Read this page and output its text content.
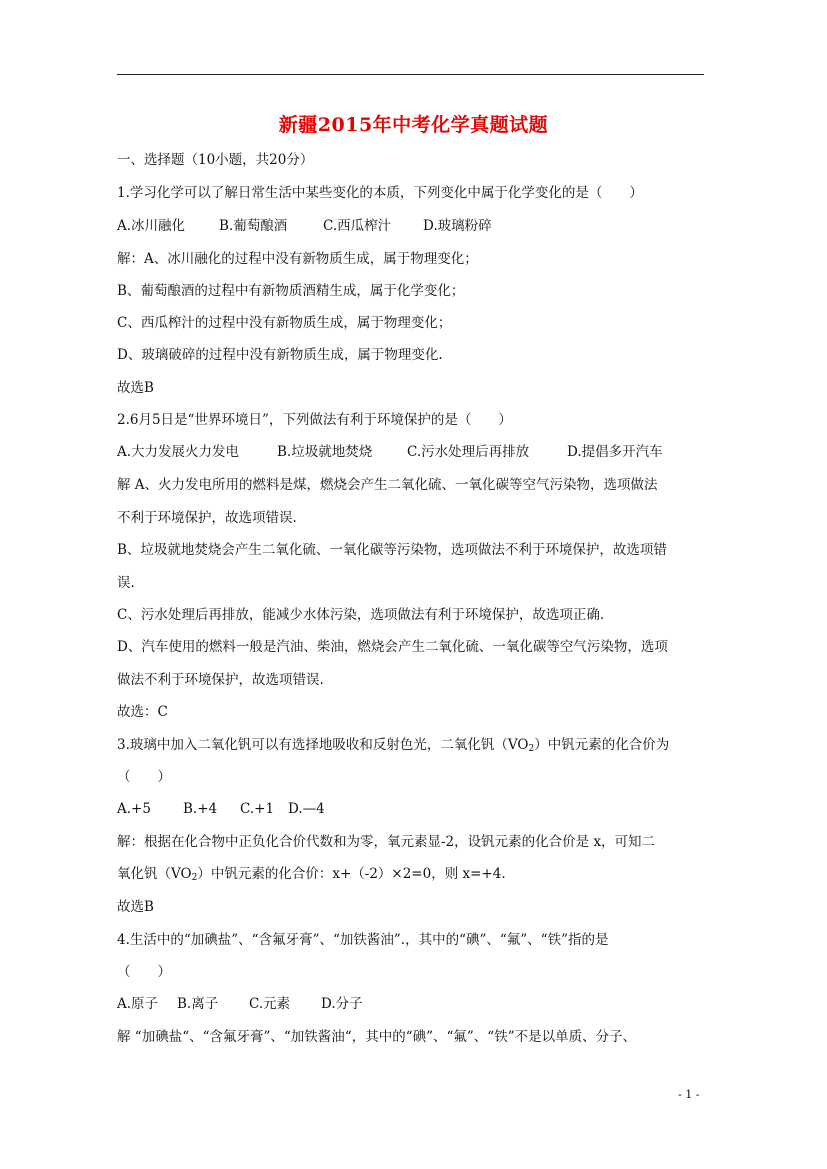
新疆2015年中考化学真题试题
一、选择题（10小题，共20分）
1.学习化学可以了解日常生活中某些变化的本质，下列变化中属于化学变化的是（　　）
A.冰川融化	B.葡萄酿酒	C.西瓜榨汁 D.玻璃粉碎
解：A、冰川融化的过程中没有新物质生成，属于物理变化；
B、葡萄酿酒的过程中有新物质酒精生成，属于化学变化；
C、西瓜榨汁的过程中没有新物质生成，属于物理变化；
D、玻璃破碎的过程中没有新物质生成，属于物理变化.
故选B
2.6月5日是“世界环境日”，下列做法有利于环境保护的是（　　）
A.大力发展火力发电	B.垃圾就地焚烧	C.污水处理后再排放	D.提倡多开汽车
解 A、火力发电所用的燃料是煤，燃烧会产生二氧化硫、一氧化碳等空气污染物，选项做法
不利于环境保护，故选项错误.
B、垃圾就地焚烧会产生二氧化硫、一氧化碳等污染物，选项做法不利于环境保护，故选项错
误.
C、污水处理后再排放，能减少水体污染，选项做法有利于环境保护，故选项正确.
D、汽车使用的燃料一般是汽油、柴油，燃烧会产生二氧化硫、一氧化碳等空气污染物，选项
做法不利于环境保护，故选项错误.
故选：C
3.玻璃中加入二氧化钒可以有选择地吸收和反射色光，二氧化钒$(VO_2)$中钒元素的化合价为
（　　）
A.+5 B.+4 C.+1 D.—4
解：根据在化合物中正负化合价代数和为零，氧元素显-2，设钒元素的化合价是 x，可知二
氧化钒$(VO_2)$中钒元素的化合价：x+（-2）×2=0，则 x=+4.
故选B
4.生活中的“加碘盐”、“含氟牙膏”、“加铁酱油”.，其中的“碘”、“氟”、“铁”指的是
（　　）
A.原子 B.离子 C.元素 D.分子
解 “加碘盐“、“含氟牙膏”、“加铁酱油“，其中的“碘”、“氟”、“铁”不是以单质、分子、
- 1 -
